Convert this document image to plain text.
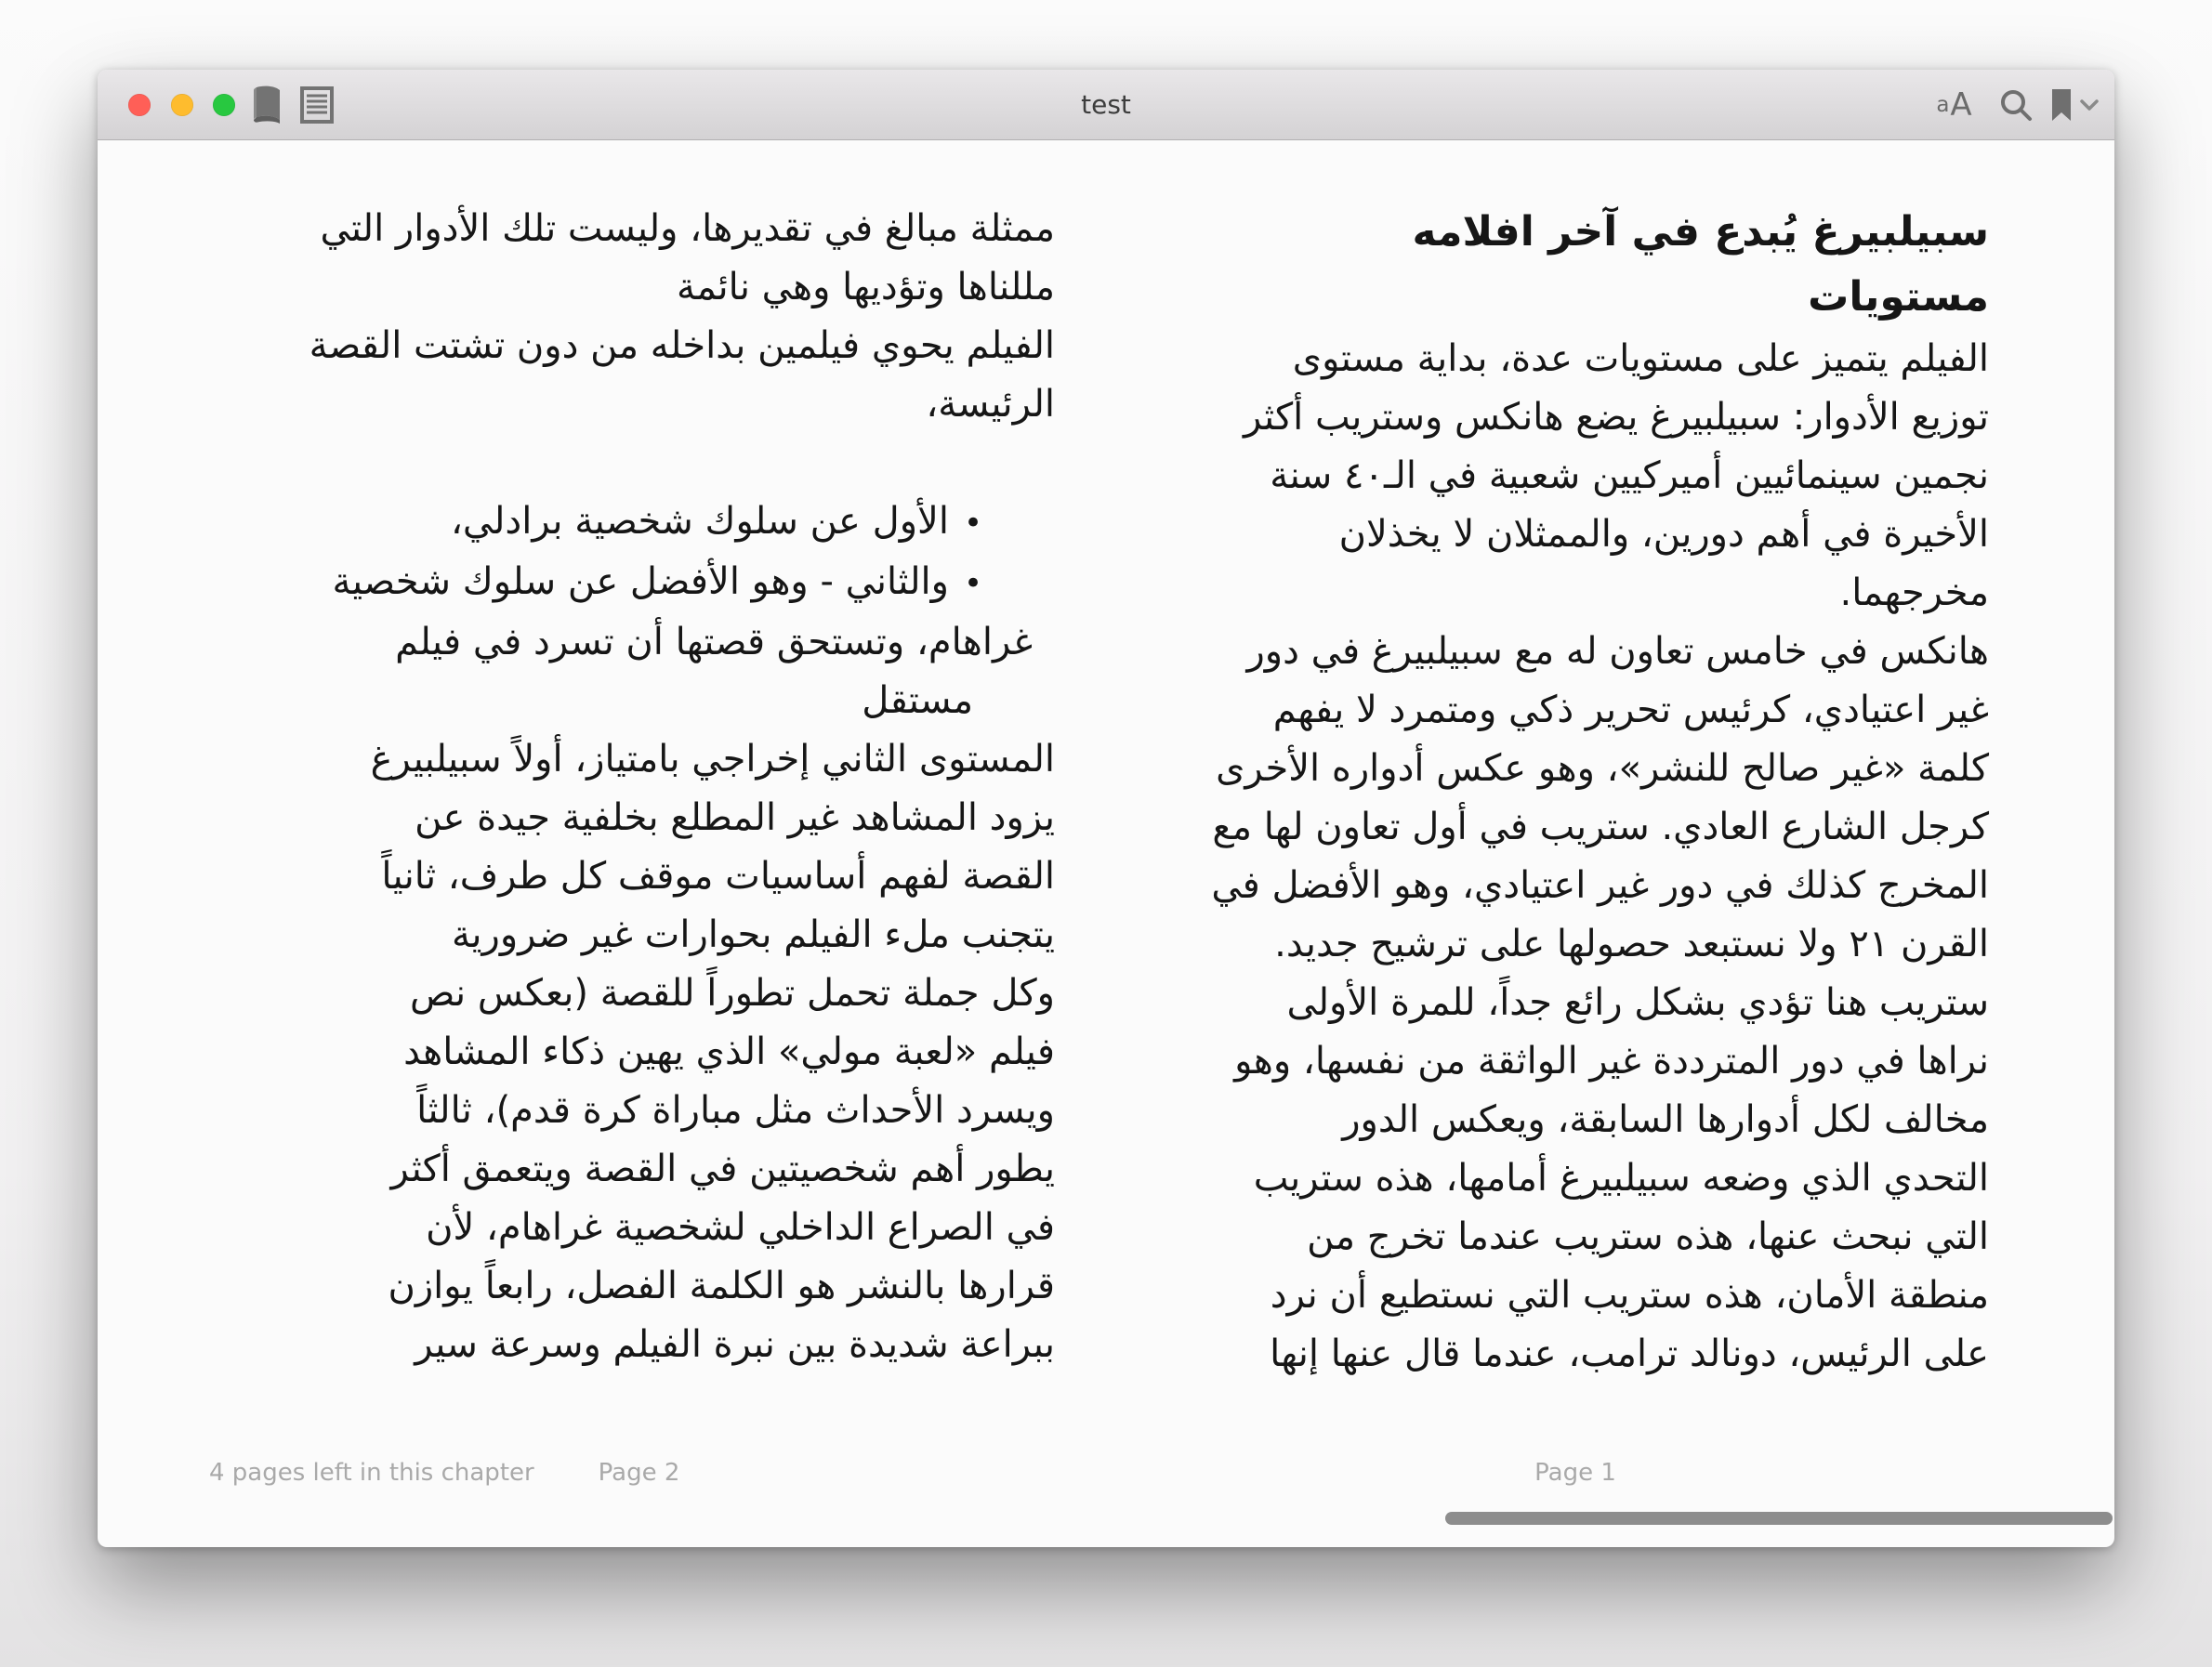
test	a A
ممثلة مبالغ في تقديرها، وليست تلك الأدوار التي
مللناها وتؤديها وهي نائمة
الفيلم يحوي فيلمين بداخله من دون تشتت القصة
الرئيسة،
•الأول عن سلوك شخصية برادلي،
•والثاني - وهو الأفضل عن سلوك شخصية
غراهام، وتستحق قصتها أن تسرد في فيلم
مستقل
المستوى الثاني إخراجي بامتياز، أولاً سبيلبيرغ
يزود المشاهد غير المطلع بخلفية جيدة عن
القصة لفهم أساسيات موقف كل طرف، ثانياً
يتجنب ملء الفيلم بحوارات غير ضرورية
وكل جملة تحمل تطوراً للقصة (بعكس نص
فيلم «لعبة مولي» الذي يهين ذكاء المشاهد
ويسرد الأحداث مثل مباراة كرة قدم)، ثالثاً
يطور أهم شخصيتين في القصة ويتعمق أكثر
في الصراع الداخلي لشخصية غراهام، لأن
قرارها بالنشر هو الكلمة الفصل، رابعاً يوازن
ببراعة شديدة بين نبرة الفيلم وسرعة سير
سبيلبيرغ يُبدع في آخر افلامه
مستويات
الفيلم يتميز على مستويات عدة، بداية مستوى
توزيع الأدوار: سبيلبيرغ يضع هانكس وستريب أكثر
نجمين سينمائيين أميركيين شعبية في الـ٤٠ سنة
الأخيرة في أهم دورين، والممثلان لا يخذلان
مخرجهما.
هانكس في خامس تعاون له مع سبيلبيرغ في دور
غير اعتيادي، كرئيس تحرير ذكي ومتمرد لا يفهم
كلمة «غير صالح للنشر»، وهو عكس أدواره الأخرى
كرجل الشارع العادي. ستريب في أول تعاون لها مع
المخرج كذلك في دور غير اعتيادي، وهو الأفضل في
القرن ٢١ ولا نستبعد حصولها على ترشيح جديد.
ستريب هنا تؤدي بشكل رائع جداً، للمرة الأولى
نراها في دور المترددة غير الواثقة من نفسها، وهو
مخالف لكل أدوارها السابقة، ويعكس الدور
التحدي الذي وضعه سبيلبيرغ أمامها، هذه ستريب
التي نبحث عنها، هذه ستريب عندما تخرج من
منطقة الأمان، هذه ستريب التي نستطيع أن نرد
على الرئيس، دونالد ترامب، عندما قال عنها إنها
4 pages left in this chapter	Page 2	Page 1
